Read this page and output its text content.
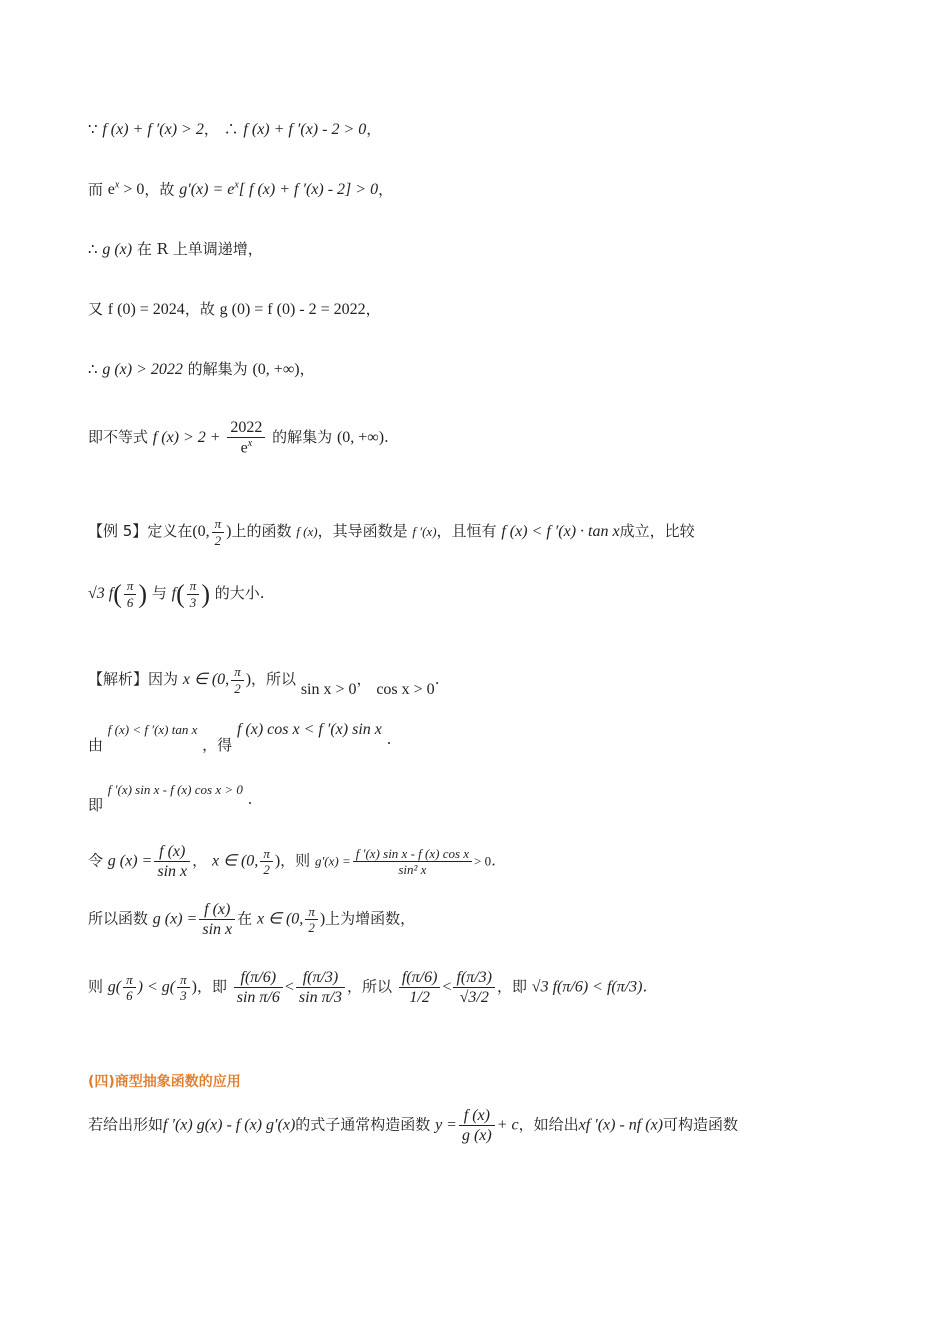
∵ f (x) + f ′(x) > 2， ∴ f (x) + f ′(x) - 2 > 0，
而 $e^x > 0$，故 $g'(x) = e^x$[ f (x) + f ′(x) - 2] > 0，
∴ g (x) 在 R 上单调递增，
又 f (0) = 2024，故 g (0) = f (0) - 2 = 2022，
∴ g (x) > 2022 的解集为 (0, +∞)，
即不等式 f $(x) > 2 + \frac{2022}{e^x}$ 的解集为 (0, +∞).
【例 5】定义在(0, $\frac{\pi}{2}$ )上的函数 f (x)，其导函数是 f ′(x)，且恒有 f (x) < f ′(x) · tan x成立，比较
√3 $f( \frac{\pi}{6}$ ) 与 $f( \frac{\pi}{3}$ ) 的大小.
【解析】因为 x ∈ (0, $\frac{\pi}{2}$ )，所以 sin x > 0， cos x > 0.
由 f (x) < f ′(x) tan x ，得 f (x) cos x < f ′(x) sin x .
即 f ′(x) sin x - f (x) cos x > 0 .
令 g $(x) = \frac{f (x)}{\text{sin x}}$ ， x ∈ (0, $\frac{\pi}{2}$ )，则 $g'(x) = \frac{\text{f ′(x) sin x - f (x) cos x}}{\text{sin² x}} > 0$.
所以函数 g $(x) = \frac{f (x)}{\text{sin x}}$ 在 x ∈ (0, $\frac{\pi}{2}$ )上为增函数，
则 $g( \frac{\pi}{6}$ ) < $g( \frac{\pi}{3}$ )，即 $\frac{f(\pi/6)}{\text{sin π/6}} < \frac{f(\pi/3)}{\text{sin π/3}}$ ，所以 $\frac{f(\pi/6)}{1/2} < \frac{f(\pi/3)}{√3/2}$ ，即 √3 f(π/6) < f(π/3).
(四)商型抽象函数的应用
若给出形如f ′(x) g(x) - f (x) g′(x)的式子通常构造函数 $y = \frac{f (x)}{g (x)} + c$，如给出xf ′(x) - nf (x)可构造函数
